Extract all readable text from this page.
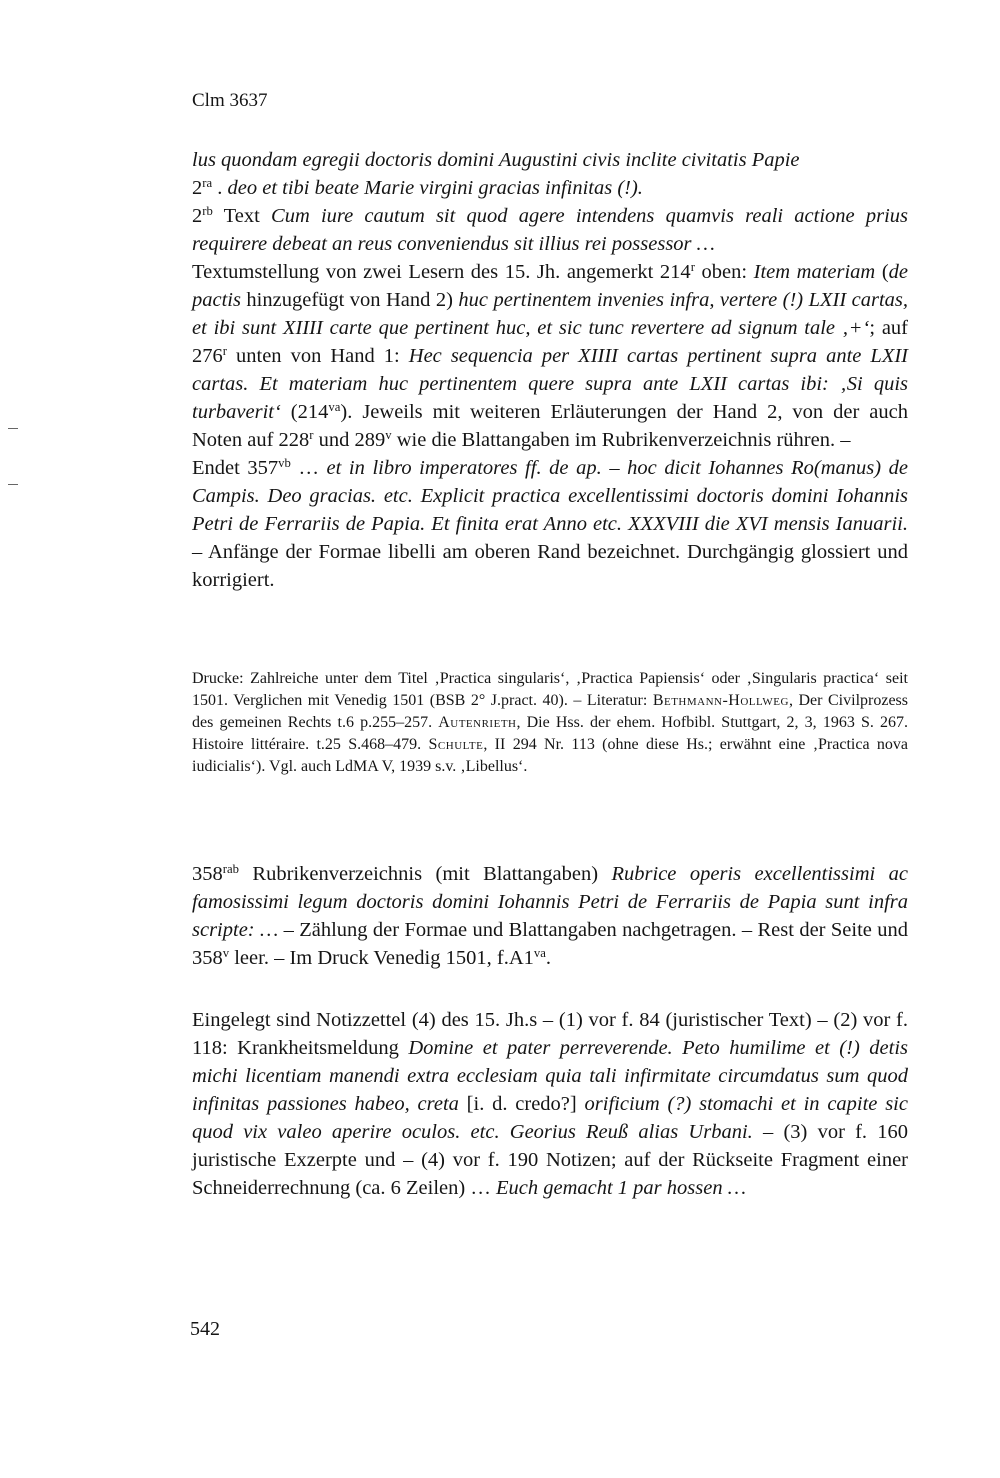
Clm 3637

lus quondam egregii doctoris domini Augustini civis inclite civitatis Papie
$2^{ra}$ . deo et tibi beate Marie virgini gracias infinitas (!).

$2^{rb}$ Text Cum iure cautum sit quod agere intendens quamvis reali actione prius requirere debeat an reus conveniendus sit illius rei possessor …

Textumstellung von zwei Lesern des 15. Jh. angemerkt 214$^r$ oben: Item materiam (de pactis hinzugefügt von Hand 2) huc pertinentem invenies infra, vertere (!) LXII cartas, et ibi sunt XIIII carte que pertinent huc, et sic tunc revertere ad signum tale ‚+‘; auf 276$^r$ unten von Hand 1: Hec sequencia per XIIII cartas pertinent supra ante LXII cartas. Et materiam huc pertinentem quere supra ante LXII cartas ibi: ‚Si quis turbaverit‘ $(214^{va})$. Jeweils mit weiteren Erläuterungen der Hand 2, von der auch Noten auf 228$^r$ und 289$^v$ wie die Blattangaben im Rubrikenverzeichnis rühren. –

Endet $357^{vb}$ … et in libro imperatores ff. de ap. – hoc dicit Iohannes Ro(manus) de Campis. Deo gracias. etc. Explicit practica excellentissimi doctoris domini Iohannis Petri de Ferrariis de Papia. Et finita erat Anno etc. XXXVIII die XVI mensis Ianuarii. – Anfänge der Formae libelli am oberen Rand bezeichnet. Durchgängig glossiert und korrigiert.

Drucke: Zahlreiche unter dem Titel ‚Practica singularis‘, ‚Practica Papiensis‘ oder ‚Singularis practica‘ seit 1501. Verglichen mit Venedig 1501 (BSB 2° J.pract. 40). – Literatur: Bethmann-Hollweg, Der Civilprozess des gemeinen Rechts t.6 p.255–257. Autenrieth, Die Hss. der ehem. Hofbibl. Stuttgart, 2, 3, 1963 S. 267. Histoire littéraire. t.25 S.468–479. Schulte, II 294 Nr. 113 (ohne diese Hs.; erwähnt eine ‚Practica nova iudicialis‘). Vgl. auch LdMA V, 1939 s.v. ‚Libellus‘.

$358^{rab}$ Rubrikenverzeichnis (mit Blattangaben) Rubrice operis excellentissimi ac famosissimi legum doctoris domini Iohannis Petri de Ferrariis de Papia sunt infra scripte: … – Zählung der Formae und Blattangaben nachgetragen. – Rest der Seite und 358$^v$ leer. – Im Druck Venedig 1501, $f.A1^{va}$.

Eingelegt sind Notizzettel (4) des 15. Jh.s – (1) vor f. 84 (juristischer Text) – (2) vor f. 118: Krankheitsmeldung Domine et pater perreverende. Peto humilime et (!) detis michi licentiam manendi extra ecclesiam quia tali infirmitate circumdatus sum quod infinitas passiones habeo, creta [i. d. credo?] orificium (?) stomachi et in capite sic quod vix valeo aperire oculos. etc. Georius Reuß alias Urbani. – (3) vor f. 160 juristische Exzerpte und – (4) vor f. 190 Notizen; auf der Rückseite Fragment einer Schneiderrechnung (ca. 6 Zeilen) … Euch gemacht 1 par hossen …

542
